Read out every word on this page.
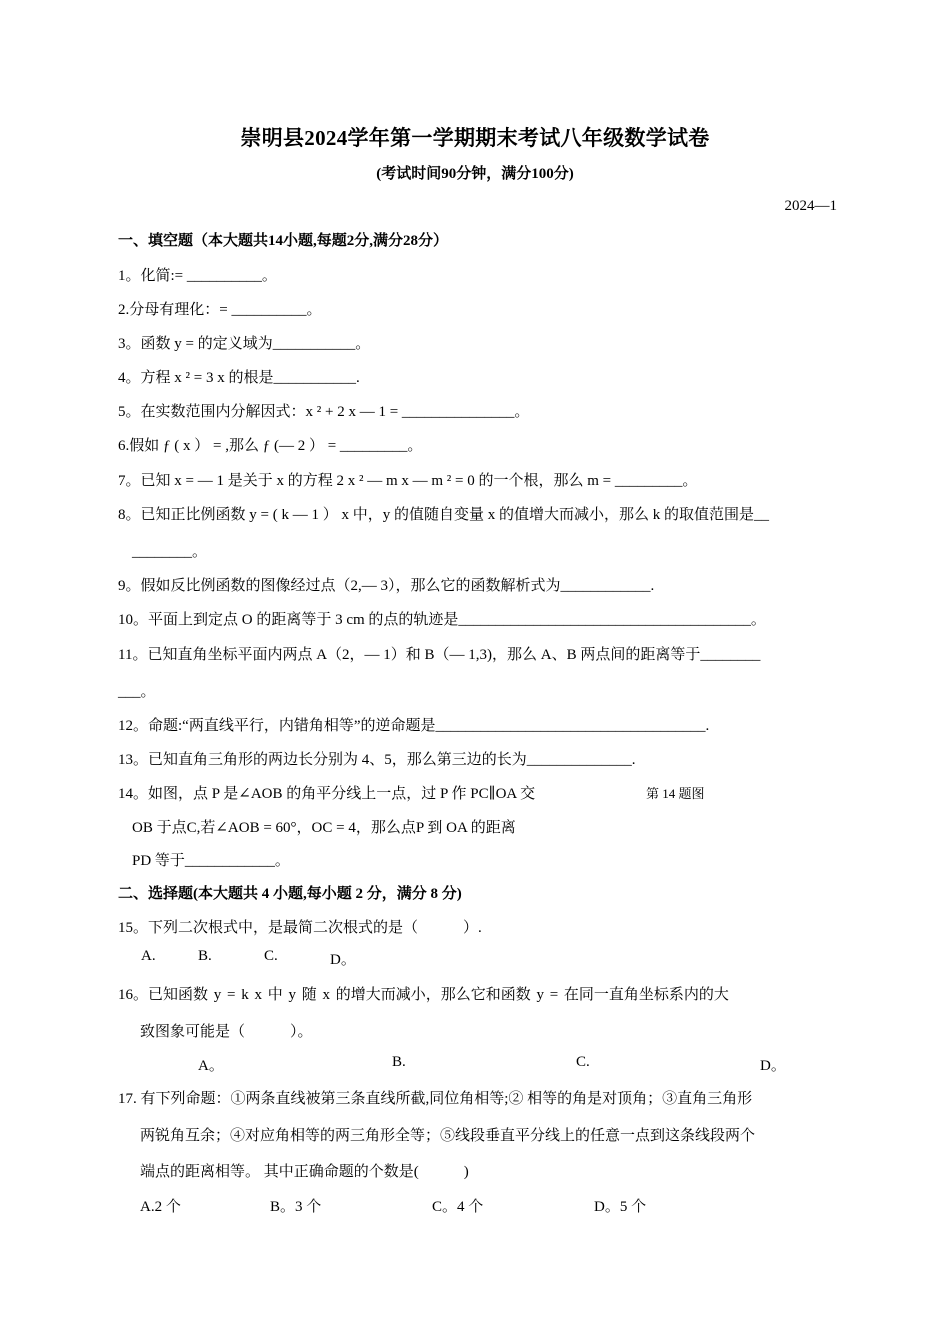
崇明县2024学年第一学期期末考试八年级数学试卷
(考试时间90分钟，满分100分)
2024—1
一、填空题（本大题共14小题,每题2分,满分28分）
1。化简:= __________。
2.分母有理化：= __________。
3。函数 y = 的定义域为___________。
4。方程 x ² = 3 x 的根是___________.
5。在实数范围内分解因式：x ² + 2 x — 1 = _______________。
6.假如 ƒ ( x ） = ,那么 ƒ (— 2 ） = _________。
7。已知 x = — 1 是关于 x 的方程 2 x ² — m x — m ² = 0 的一个根，那么 m = _________。
8。已知正比例函数 y = ( k — 1 ） x 中，y 的值随自变量 x 的值增大而减小，那么 k 的取值范围是__
________。
9。假如反比例函数的图像经过点（2,— 3），那么它的函数解析式为____________.
10。平面上到定点 O 的距离等于 3 cm 的点的轨迹是_______________________________________。
11。已知直角坐标平面内两点 A（2，— 1）和 B（— 1,3)，那么 A、B 两点间的距离等于________
___。
12。命题:“两直线平行，内错角相等”的逆命题是____________________________________.
13。已知直角三角形的两边长分别为 4、5，那么第三边的长为______________.
14。如图，点 P 是∠AOB 的角平分线上一点，过 P 作 PC∥OA 交	第 14 题图
OB 于点C,若∠AOB = 60°，OC = 4，那么点P 到 OA 的距离
PD 等于____________。
二、选择题(本大题共 4 小题,每小题 2 分，满分 8 分)
15。下列二次根式中，是最简二次根式的是（　　　）.
A.	B.	C.	D。
16。已知函数 y = k x 中 y 随 x 的增大而减小，那么它和函数 y = 在同一直角坐标系内的大
致图象可能是（　　　）。
A。	B.	C.	D。
17. 有下列命题：①两条直线被第三条直线所截,同位角相等;② 相等的角是对顶角；③直角三角形
两锐角互余；④对应角相等的两三角形全等；⑤线段垂直平分线上的任意一点到这条线段两个
端点的距离相等。 其中正确命题的个数是(　　　)
A.2 个	B。3 个	C。4 个	D。5 个
